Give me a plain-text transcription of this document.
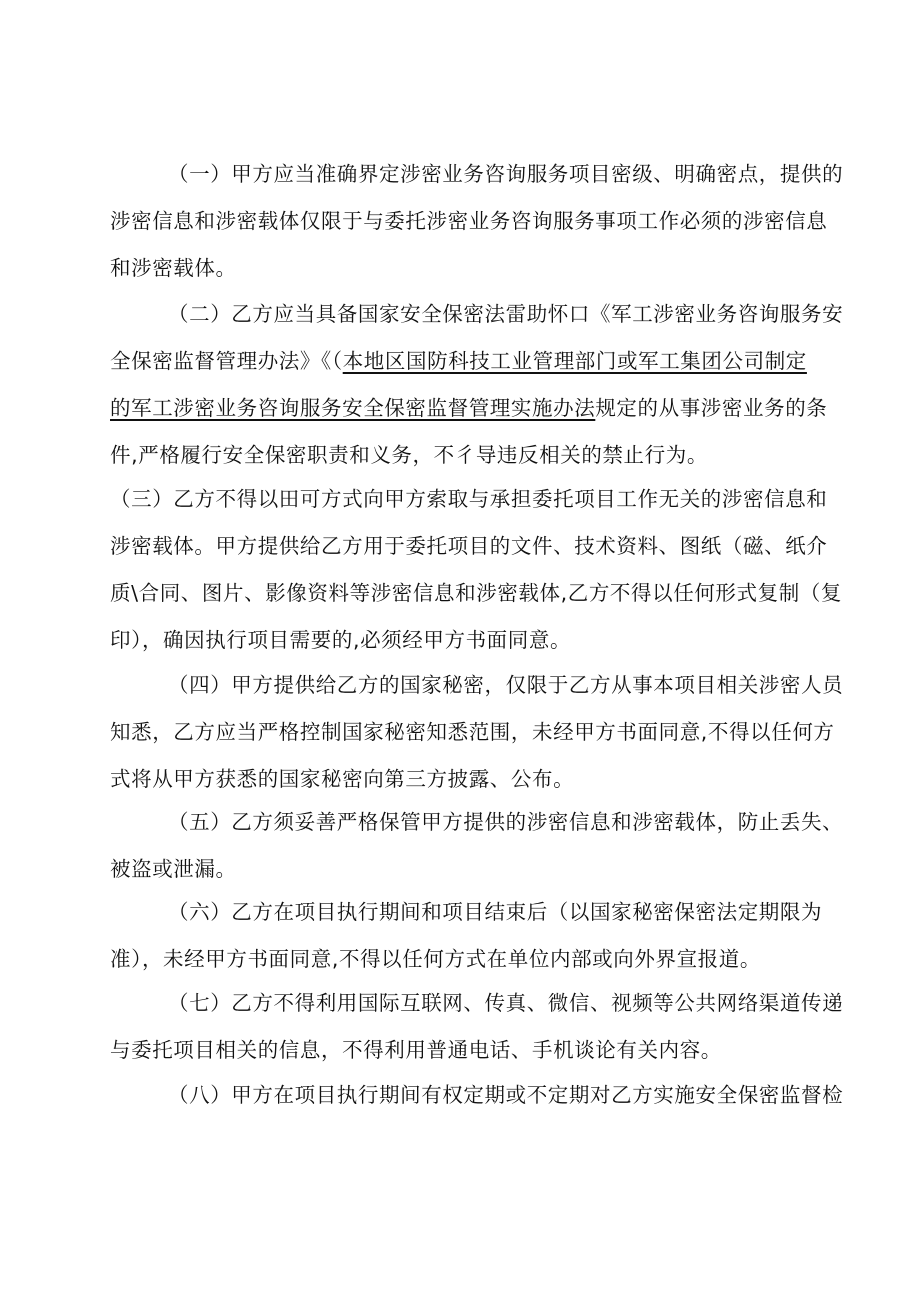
（一）甲方应当准确界定涉密业务咨询服务项目密级、明确密点，提供的
涉密信息和涉密载体仅限于与委托涉密业务咨询服务事项工作必须的涉密信息
和涉密载体。

（二）乙方应当具备国家安全保密法雷助怀口《军工涉密业务咨询服务安
全保密监督管理办法》《（本地区国防科技工业管理部门或军工集团公司制定
的军工涉密业务咨询服务安全保密监督管理实施办法规定的从事涉密业务的条
件,严格履行安全保密职责和义务，不彳导违反相关的禁止行为。

（三）乙方不得以田可方式向甲方索取与承担委托项目工作无关的涉密信息和
涉密载体。甲方提供给乙方用于委托项目的文件、技术资料、图纸（磁、纸介
质\合同、图片、影像资料等涉密信息和涉密载体,乙方不得以任何形式复制（复
印），确因执行项目需要的,必须经甲方书面同意。

（四）甲方提供给乙方的国家秘密，仅限于乙方从事本项目相关涉密人员
知悉，乙方应当严格控制国家秘密知悉范围，未经甲方书面同意,不得以任何方
式将从甲方获悉的国家秘密向第三方披露、公布。

（五）乙方须妥善严格保管甲方提供的涉密信息和涉密载体，防止丢失、
被盗或泄漏。

（六）乙方在项目执行期间和项目结束后（以国家秘密保密法定期限为
准），未经甲方书面同意,不得以任何方式在单位内部或向外界宣报道。

（七）乙方不得利用国际互联网、传真、微信、视频等公共网络渠道传递
与委托项目相关的信息，不得利用普通电话、手机谈论有关内容。

（八）甲方在项目执行期间有权定期或不定期对乙方实施安全保密监督检
